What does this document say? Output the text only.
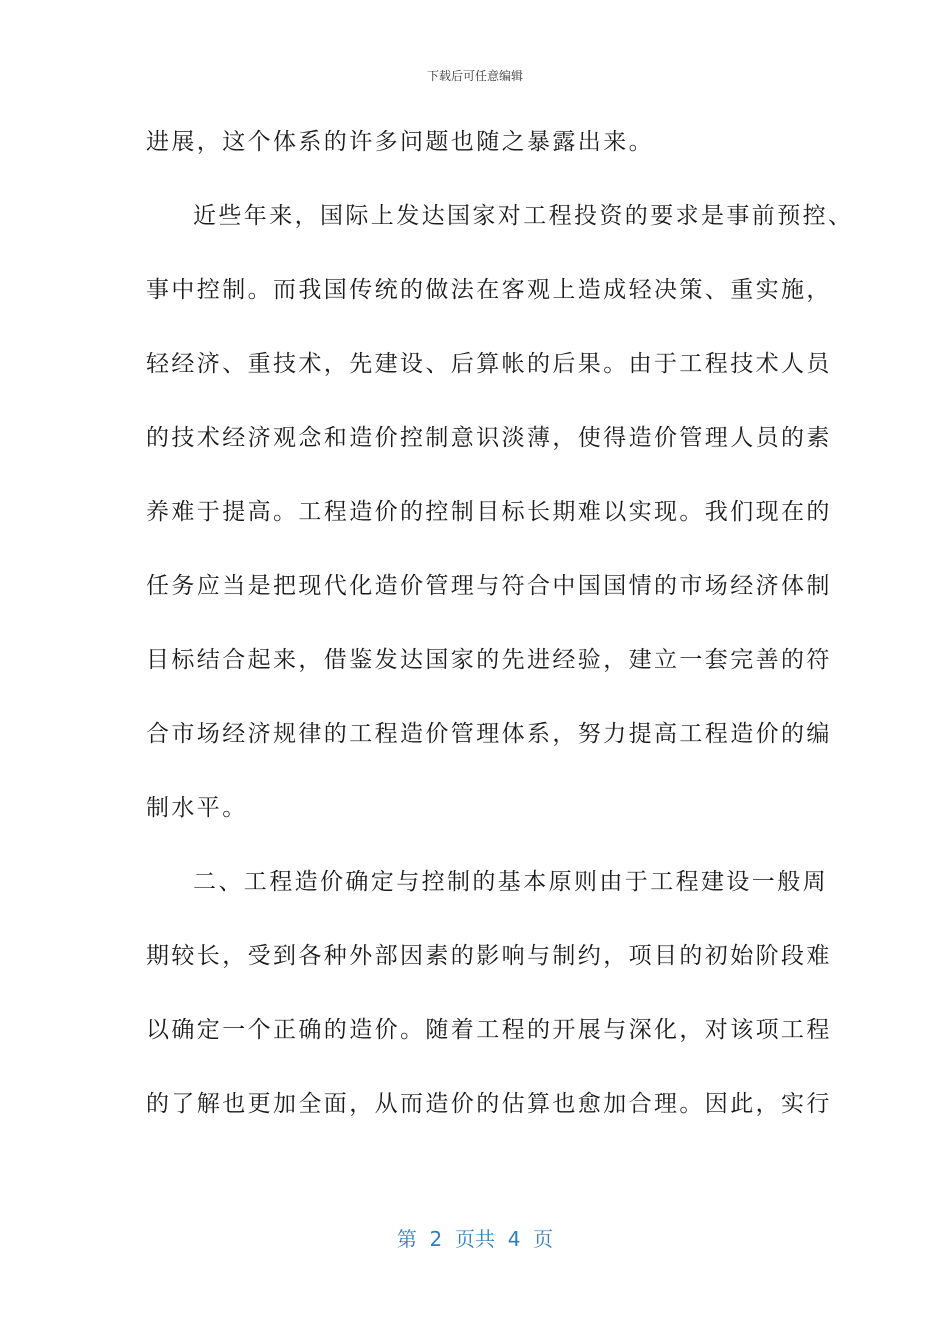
下载后可任意编辑
进展，这个体系的许多问题也随之暴露出来。
近些年来，国际上发达国家对工程投资的要求是事前预控、
事中控制。而我国传统的做法在客观上造成轻决策、重实施，
轻经济、重技术，先建设、后算帐的后果。由于工程技术人员
的技术经济观念和造价控制意识淡薄，使得造价管理人员的素
养难于提高。工程造价的控制目标长期难以实现。我们现在的
任务应当是把现代化造价管理与符合中国国情的市场经济体制
目标结合起来，借鉴发达国家的先进经验，建立一套完善的符
合市场经济规律的工程造价管理体系，努力提高工程造价的编
制水平。
二、工程造价确定与控制的基本原则由于工程建设一般周
期较长，受到各种外部因素的影响与制约，项目的初始阶段难
以确定一个正确的造价。随着工程的开展与深化，对该项工程
的了解也更加全面，从而造价的估算也愈加合理。因此，实行
第  2  页共  4  页
